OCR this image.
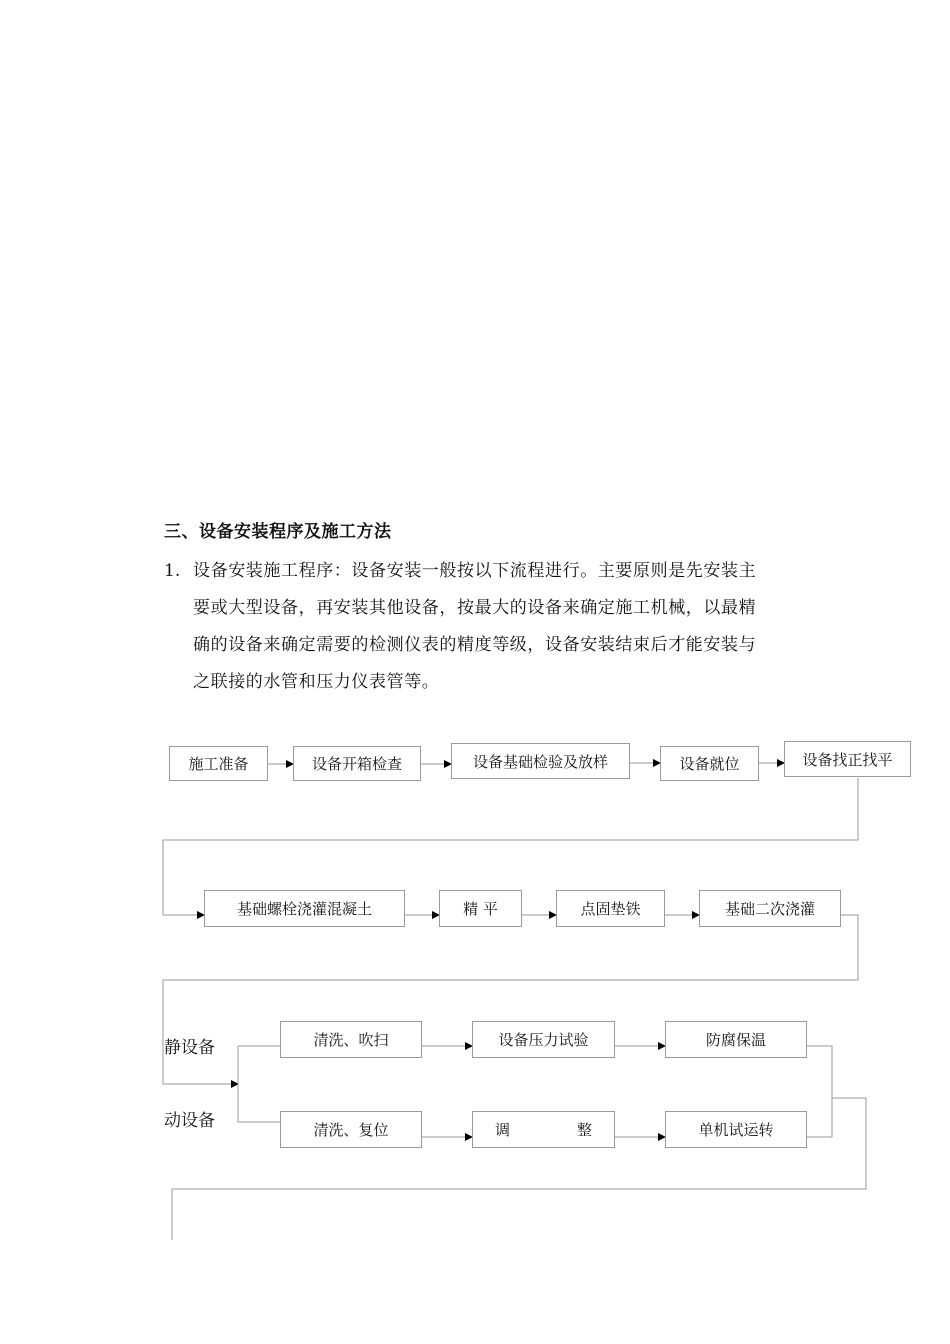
三、设备安装程序及施工方法
1. 设备安装施工程序：设备安装一般按以下流程进行。主要原则是先安装主
要或大型设备，再安装其他设备，按最大的设备来确定施工机械，以最精
确的设备来确定需要的检测仪表的精度等级，设备安装结束后才能安装与
之联接的水管和压力仪表管等。
施工准备	设备开箱检查	设备基础检验及放样	设备就位	设备找正找平
基础螺栓浇灌混凝土	精 平	点固垫铁	基础二次浇灌
静设备
动设备
清洗、吹扫	设备压力试验	防腐保温
清洗、复位	调	整	单机试运转
